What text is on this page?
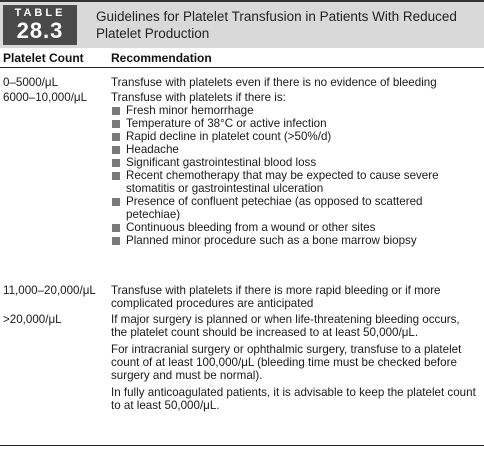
TABLE
28.3
Guidelines for Platelet Transfusion in Patients With Reduced Platelet Production
Platelet Count Recommendation
0–5000/μL	Transfuse with platelets even if there is no evidence of bleeding

6000–10,000/μL Transfuse with platelets if there is:

Fresh minor hemorrhage
Temperature of 38°C or active infection
Rapid decline in platelet count (>50%/d)
Headache
Significant gastrointestinal blood loss
Recent chemotherapy that may be expected to cause severe stomatitis or gastrointestinal ulceration
Presence of confluent petechiae (as opposed to scattered petechiae)
Continuous bleeding from a wound or other sites
Planned minor procedure such as a bone marrow biopsy
11,000–20,000/μL Transfuse with platelets if there is more rapid bleeding or if more complicated procedures are anticipated

>20,000/μL	If major surgery is planned or when life-threatening bleeding occurs, the platelet count should be increased to at least 50,000/μL.

For intracranial surgery or ophthalmic surgery, transfuse to a platelet count of at least 100,000/μL (bleeding time must be checked before surgery and must be normal).

In fully anticoagulated patients, it is advisable to keep the platelet count to at least 50,000/μL.
